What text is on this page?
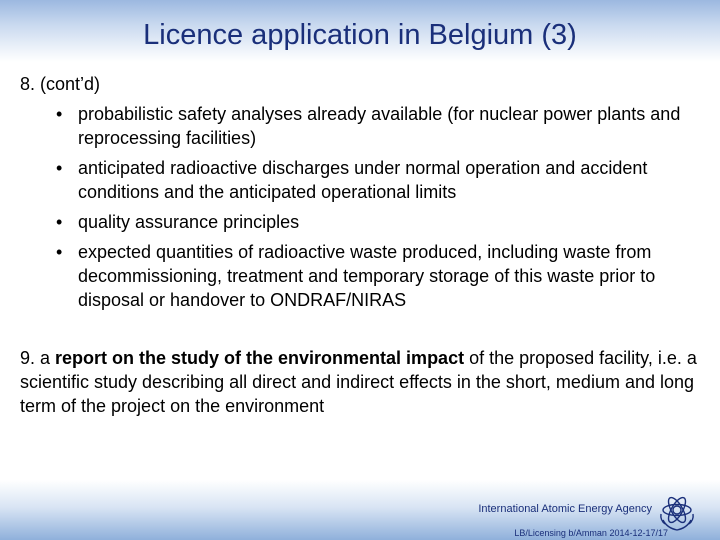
Licence application in Belgium (3)

8. (cont’d)

• probabilistic safety analyses already available (for nuclear power plants and reprocessing facilities)
• anticipated radioactive discharges under normal operation and accident conditions and the anticipated operational limits
• quality assurance principles
• expected quantities of radioactive waste produced, including waste from decommissioning, treatment and temporary storage of this waste prior to disposal or handover to ONDRAF/NIRAS

9. a report on the study of the environmental impact of the proposed facility, i.e. a scientific study describing all direct and indirect effects in the short, medium and long term of the project on the environment

International Atomic Energy Agency
LB/Licensing b/Amman 2014-12-17/17
